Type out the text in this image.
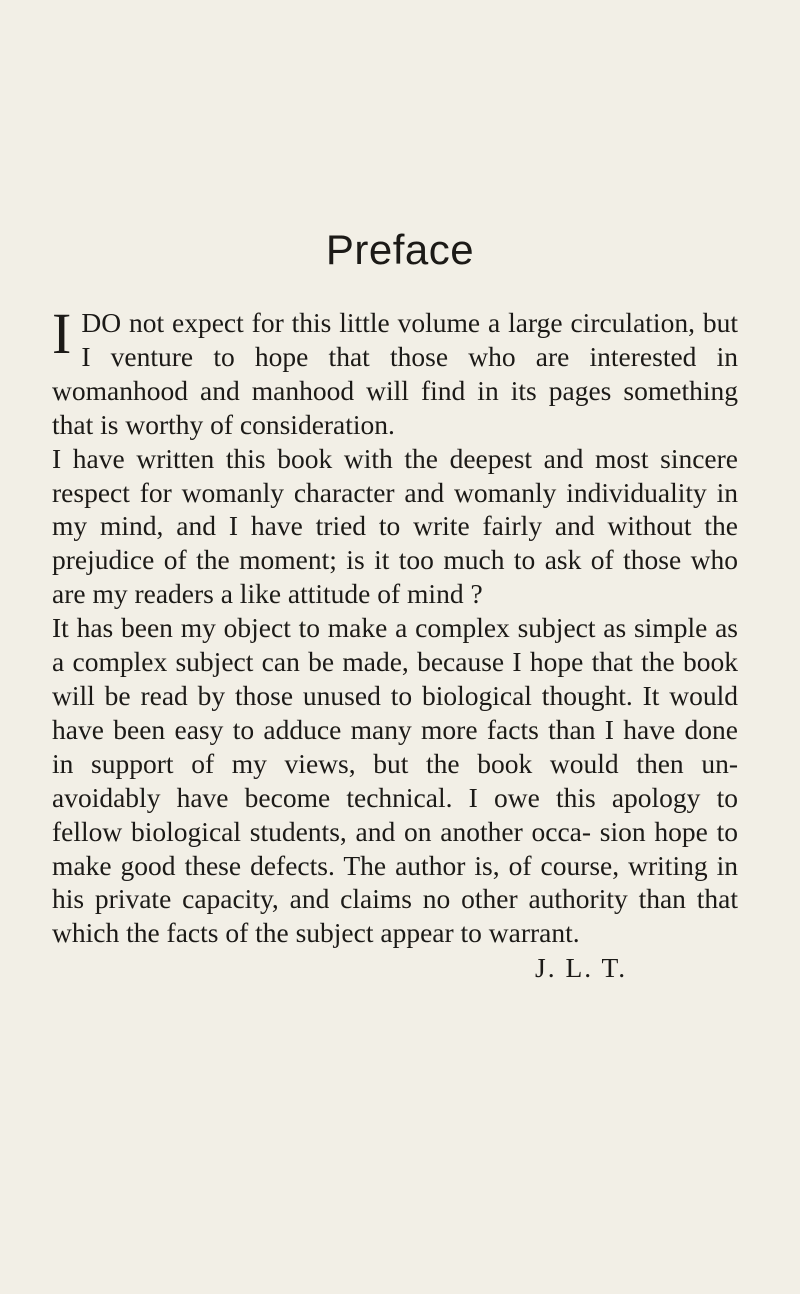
Preface

IDO not expect for this little volume a large circulation, but I venture to hope that those who are interested in womanhood and manhood will find in its pages something that is worthy of consideration.

I have written this book with the deepest and most sincere respect for womanly character and womanly individuality in my mind, and I have tried to write fairly and without the prejudice of the moment; is it too much to ask of those who are my readers a like attitude of mind ?

It has been my object to make a complex subject as simple as a complex subject can be made, because I hope that the book will be read by those unused to biological thought. It would have been easy to adduce many more facts than I have done in support of my views, but the book would then un- avoidably have become technical. I owe this apology to fellow biological students, and on another occa- sion hope to make good these defects. The author is, of course, writing in his private capacity, and claims no other authority than that which the facts of the subject appear to warrant.

J. L. T.
